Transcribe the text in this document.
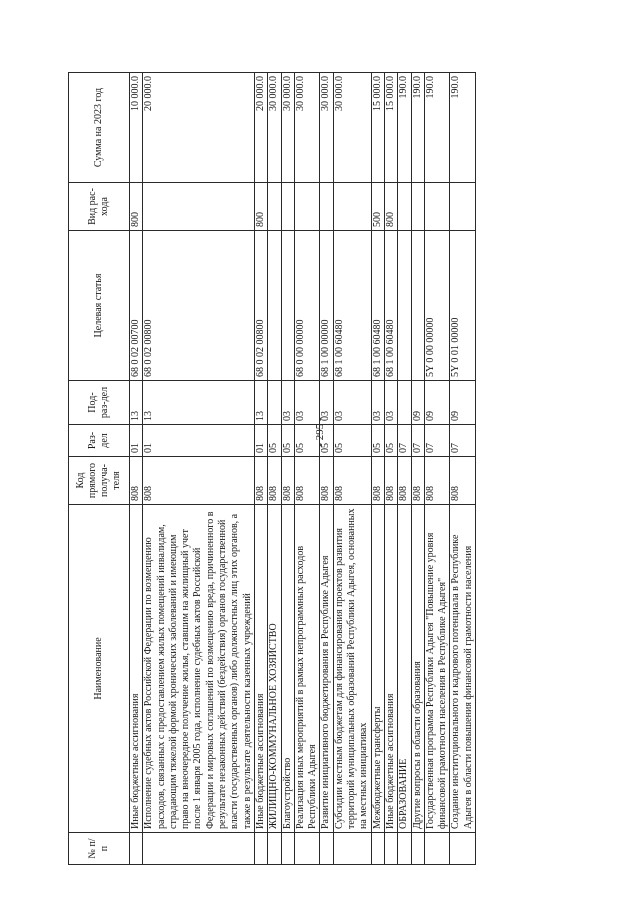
- 295 -
№ п/п	Наименование	Код прямого получа-теля	Раз-дел	Под-раз-дел	Целевая статья	Вид рас-хода	Сумма на 2023 год
	Иные бюджетные ассигнования	808	01	13	68 0 02 00700	800	10 000.0
	Исполнение судебных актов Российской Федерации по возмещению расходов, связанных с предоставлением жилых помещений инвалидам, страдающим тяжелой формой хронических заболеваний и имеющим право на внеочередное получение жилья, ставшим на жилищный учет после 1 января 2005 года, исполнение судебных актов Российской Федерации и мировых соглашений по возмещению вреда, причиненного в результате незаконных действий (бездействия) органов государственной власти (государственных органов) либо должностных лиц этих органов, а также в результате деятельности казенных учреждений	808	01	13	68 0 02 00800		20 000.0
	Иные бюджетные ассигнования	808	01	13	68 0 02 00800	800	20 000.0
	ЖИЛИЩНО-КОММУНАЛЬНОЕ ХОЗЯЙСТВО	808	05				30 000.0
	Благоустройство	808	05	03			30 000.0
	Реализация иных мероприятий в рамках непрограммных расходов Республики Адыгея	808	05	03	68 0 00 00000		30 000.0
	Развитие инициативного бюджетирования в Республике Адыгея	808	05	03	68 1 00 00000		30 000.0
	Субсидии местным бюджетам для финансирования проектов развития территорий муниципальных образований Республики Адыгея, основанных на местных инициативах	808	05	03	68 1 00 60480		30 000.0
	Межбюджетные трансферты	808	05	03	68 1 00 60480	500	15 000.0
	Иные бюджетные ассигнования	808	05	03	68 1 00 60480	800	15 000.0
	ОБРАЗОВАНИЕ	808	07				190.0
	Другие вопросы в области образования	808	07	09			190.0
	Государственная программа Республики Адыгея "Повышение уровня финансовой грамотности населения в Республике Адыгея"	808	07	09	5Y 0 00 00000		190.0
	Создание институционального и кадрового потенциала в Республике Адыгея в области повышения финансовой грамотности населения	808	07	09	5Y 0 01 00000		190.0
